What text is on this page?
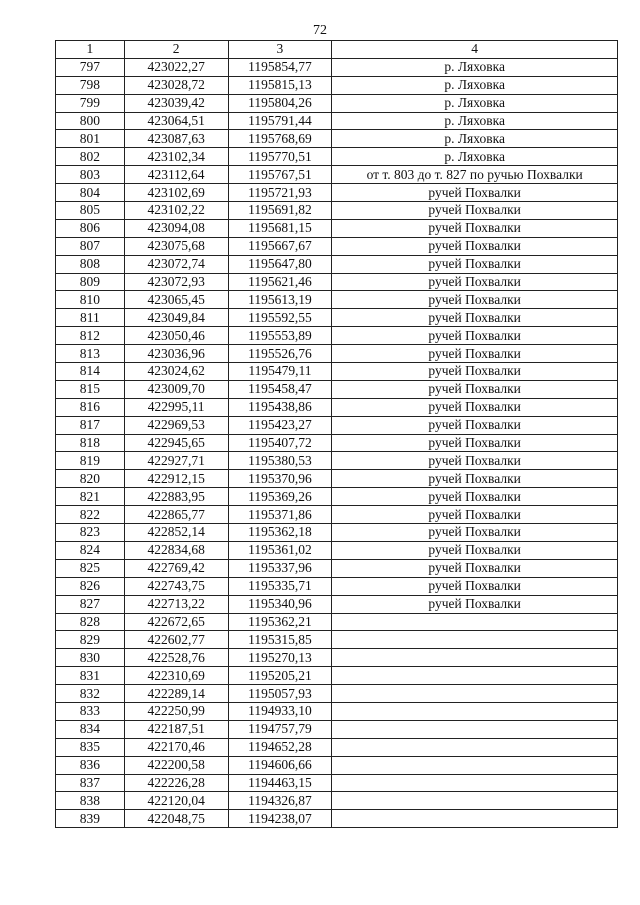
72
1	2	3	4
797	423022,27	1195854,77	р. Ляховка
798	423028,72	1195815,13	р. Ляховка
799	423039,42	1195804,26	р. Ляховка
800	423064,51	1195791,44	р. Ляховка
801	423087,63	1195768,69	р. Ляховка
802	423102,34	1195770,51	р. Ляховка
803	423112,64	1195767,51	от т. 803 до т. 827 по ручью Похвалки
804	423102,69	1195721,93	ручей Похвалки
805	423102,22	1195691,82	ручей Похвалки
806	423094,08	1195681,15	ручей Похвалки
807	423075,68	1195667,67	ручей Похвалки
808	423072,74	1195647,80	ручей Похвалки
809	423072,93	1195621,46	ручей Похвалки
810	423065,45	1195613,19	ручей Похвалки
811	423049,84	1195592,55	ручей Похвалки
812	423050,46	1195553,89	ручей Похвалки
813	423036,96	1195526,76	ручей Похвалки
814	423024,62	1195479,11	ручей Похвалки
815	423009,70	1195458,47	ручей Похвалки
816	422995,11	1195438,86	ручей Похвалки
817	422969,53	1195423,27	ручей Похвалки
818	422945,65	1195407,72	ручей Похвалки
819	422927,71	1195380,53	ручей Похвалки
820	422912,15	1195370,96	ручей Похвалки
821	422883,95	1195369,26	ручей Похвалки
822	422865,77	1195371,86	ручей Похвалки
823	422852,14	1195362,18	ручей Похвалки
824	422834,68	1195361,02	ручей Похвалки
825	422769,42	1195337,96	ручей Похвалки
826	422743,75	1195335,71	ручей Похвалки
827	422713,22	1195340,96	ручей Похвалки
828	422672,65	1195362,21	
829	422602,77	1195315,85	
830	422528,76	1195270,13	
831	422310,69	1195205,21	
832	422289,14	1195057,93	
833	422250,99	1194933,10	
834	422187,51	1194757,79	
835	422170,46	1194652,28	
836	422200,58	1194606,66	
837	422226,28	1194463,15	
838	422120,04	1194326,87	
839	422048,75	1194238,07	
